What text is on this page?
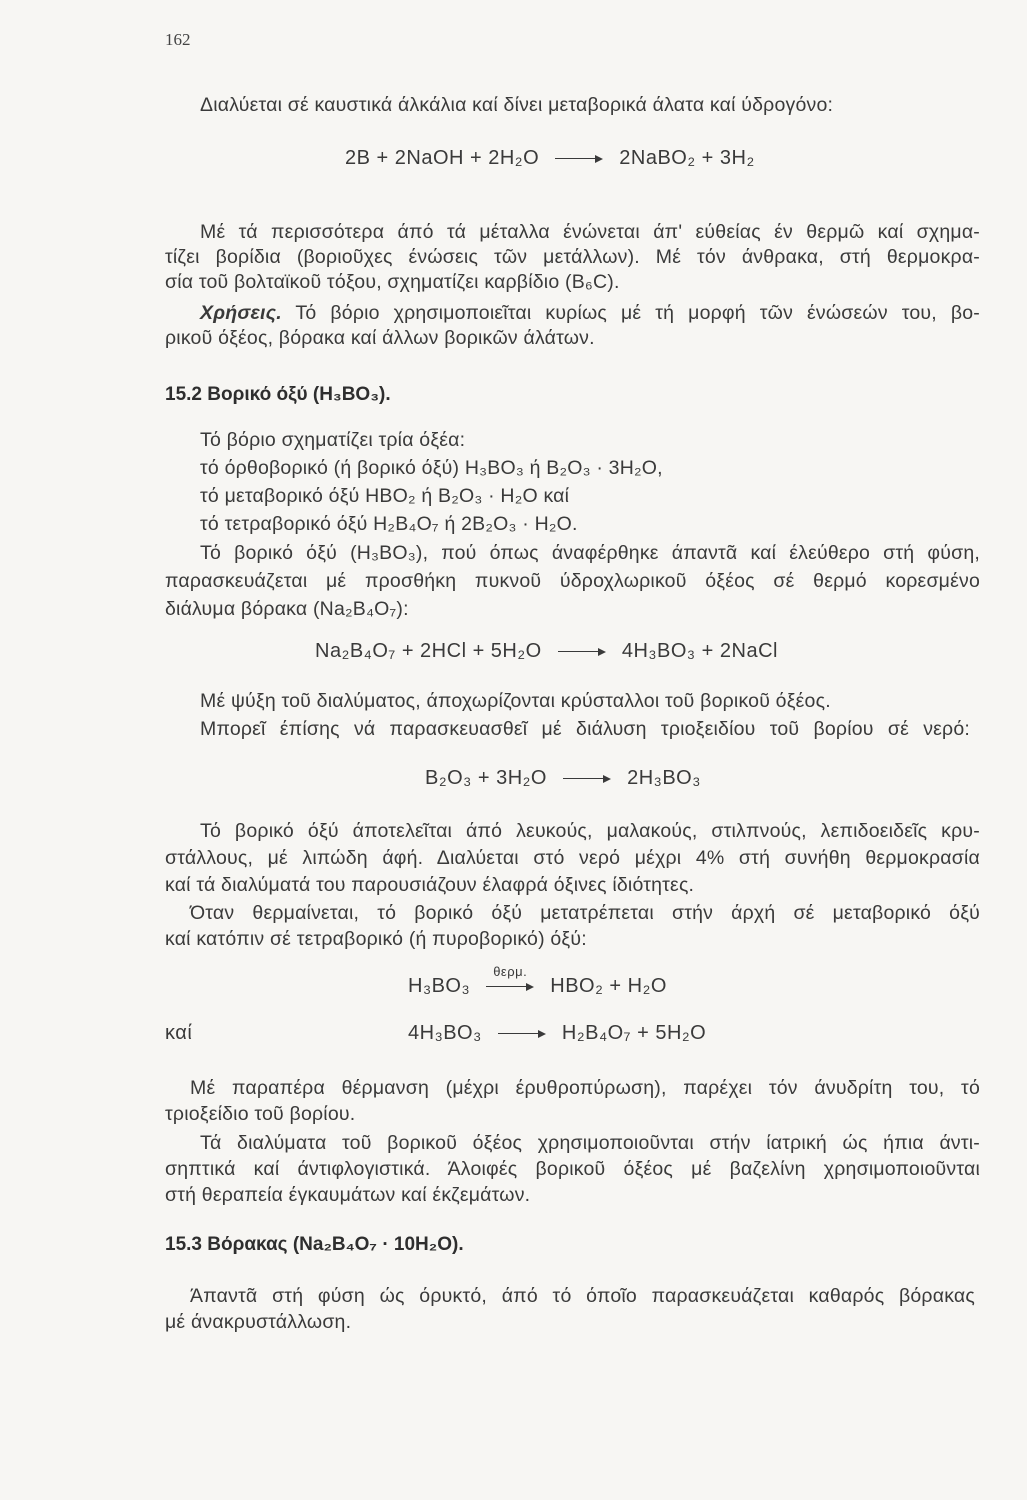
162
Διαλύεται σέ καυστικά άλκάλια καί δίνει μεταβορικά άλατα καί ύδρογόνο:
2B + 2NaOH + 2H₂O	2NaBO₂ + 3H₂
Μέ τά περισσότερα άπό τά μέταλλα ένώνεται άπ' εύθείας έν θερμῶ καί σχημα-
τίζει βορίδια (βοριοῦχες ένώσεις τῶν μετάλλων). Μέ τόν άνθρακα, στή θερμοκρα-
σία τοῦ βολταϊκοῦ τόξου, σχηματίζει καρβίδιο (B₆C).
Χρήσεις. Τό βόριο χρησιμοποιεῖται κυρίως μέ τή μορφή τῶν ένώσεών του, βο-
ρικοῦ όξέος, βόρακα καί άλλων βορικῶν άλάτων.
15.2 Βορικό όξύ (H₃BO₃).
Τό βόριο σχηματίζει τρία όξέα:
τό όρθοβορικό (ή βορικό όξύ) H₃BO₃ ή B₂O₃ · 3H₂O,
τό μεταβορικό όξύ HBO₂ ή B₂O₃ · H₂O καί
τό τετραβορικό όξύ H₂B₄O₇ ή 2B₂O₃ · H₂O.
Τό βορικό όξύ (H₃BO₃), πού όπως άναφέρθηκε άπαντᾶ καί έλεύθερο στή φύση,
παρασκευάζεται μέ προσθήκη πυκνοῦ ύδροχλωρικοῦ όξέος σέ θερμό κορεσμένο
διάλυμα βόρακα (Na₂B₄O₇):
Na₂B₄O₇ + 2HCl + 5H₂O	4H₃BO₃ + 2NaCl
Μέ ψύξη τοῦ διαλύματος, άποχωρίζονται κρύσταλλοι τοῦ βορικοῦ όξέος.
Μπορεῖ έπίσης νά παρασκευασθεῖ μέ διάλυση τριοξειδίου τοῦ βορίου σέ νερό:
B₂O₃ + 3H₂O	2H₃BO₃
Τό βορικό όξύ άποτελεῖται άπό λευκούς, μαλακούς, στιλπνούς, λεπιδοειδεῖς κρυ-
στάλλους, μέ λιπώδη άφή. Διαλύεται στό νερό μέχρι 4% στή συνήθη θερμοκρασία
καί τά διαλύματά του παρουσιάζουν έλαφρά όξινες ίδιότητες.
Όταν θερμαίνεται, τό βορικό όξύ μετατρέπεται στήν άρχή σέ μεταβορικό όξύ
καί κατόπιν σέ τετραβορικό (ή πυροβορικό) όξύ:
H₃BO₃
θερμ.
HBO₂ + H₂O
καί	4H₃BO₃	H₂B₄O₇ + 5H₂O
Μέ παραπέρα θέρμανση (μέχρι έρυθροπύρωση), παρέχει τόν άνυδρίτη του, τό
τριοξείδιο τοῦ βορίου.
Τά διαλύματα τοῦ βορικοῦ όξέος χρησιμοποιοῦνται στήν ίατρική ώς ήπια άντι-
σηπτικά καί άντιφλογιστικά. Άλοιφές βορικοῦ όξέος μέ βαζελίνη χρησιμοποιοῦνται
στή θεραπεία έγκαυμάτων καί έκζεμάτων.
15.3 Βόρακας (Na₂B₄O₇ · 10H₂O).
Άπαντᾶ στή φύση ώς όρυκτό, άπό τό όποῖο παρασκευάζεται καθαρός βόρακας
μέ άνακρυστάλλωση.
